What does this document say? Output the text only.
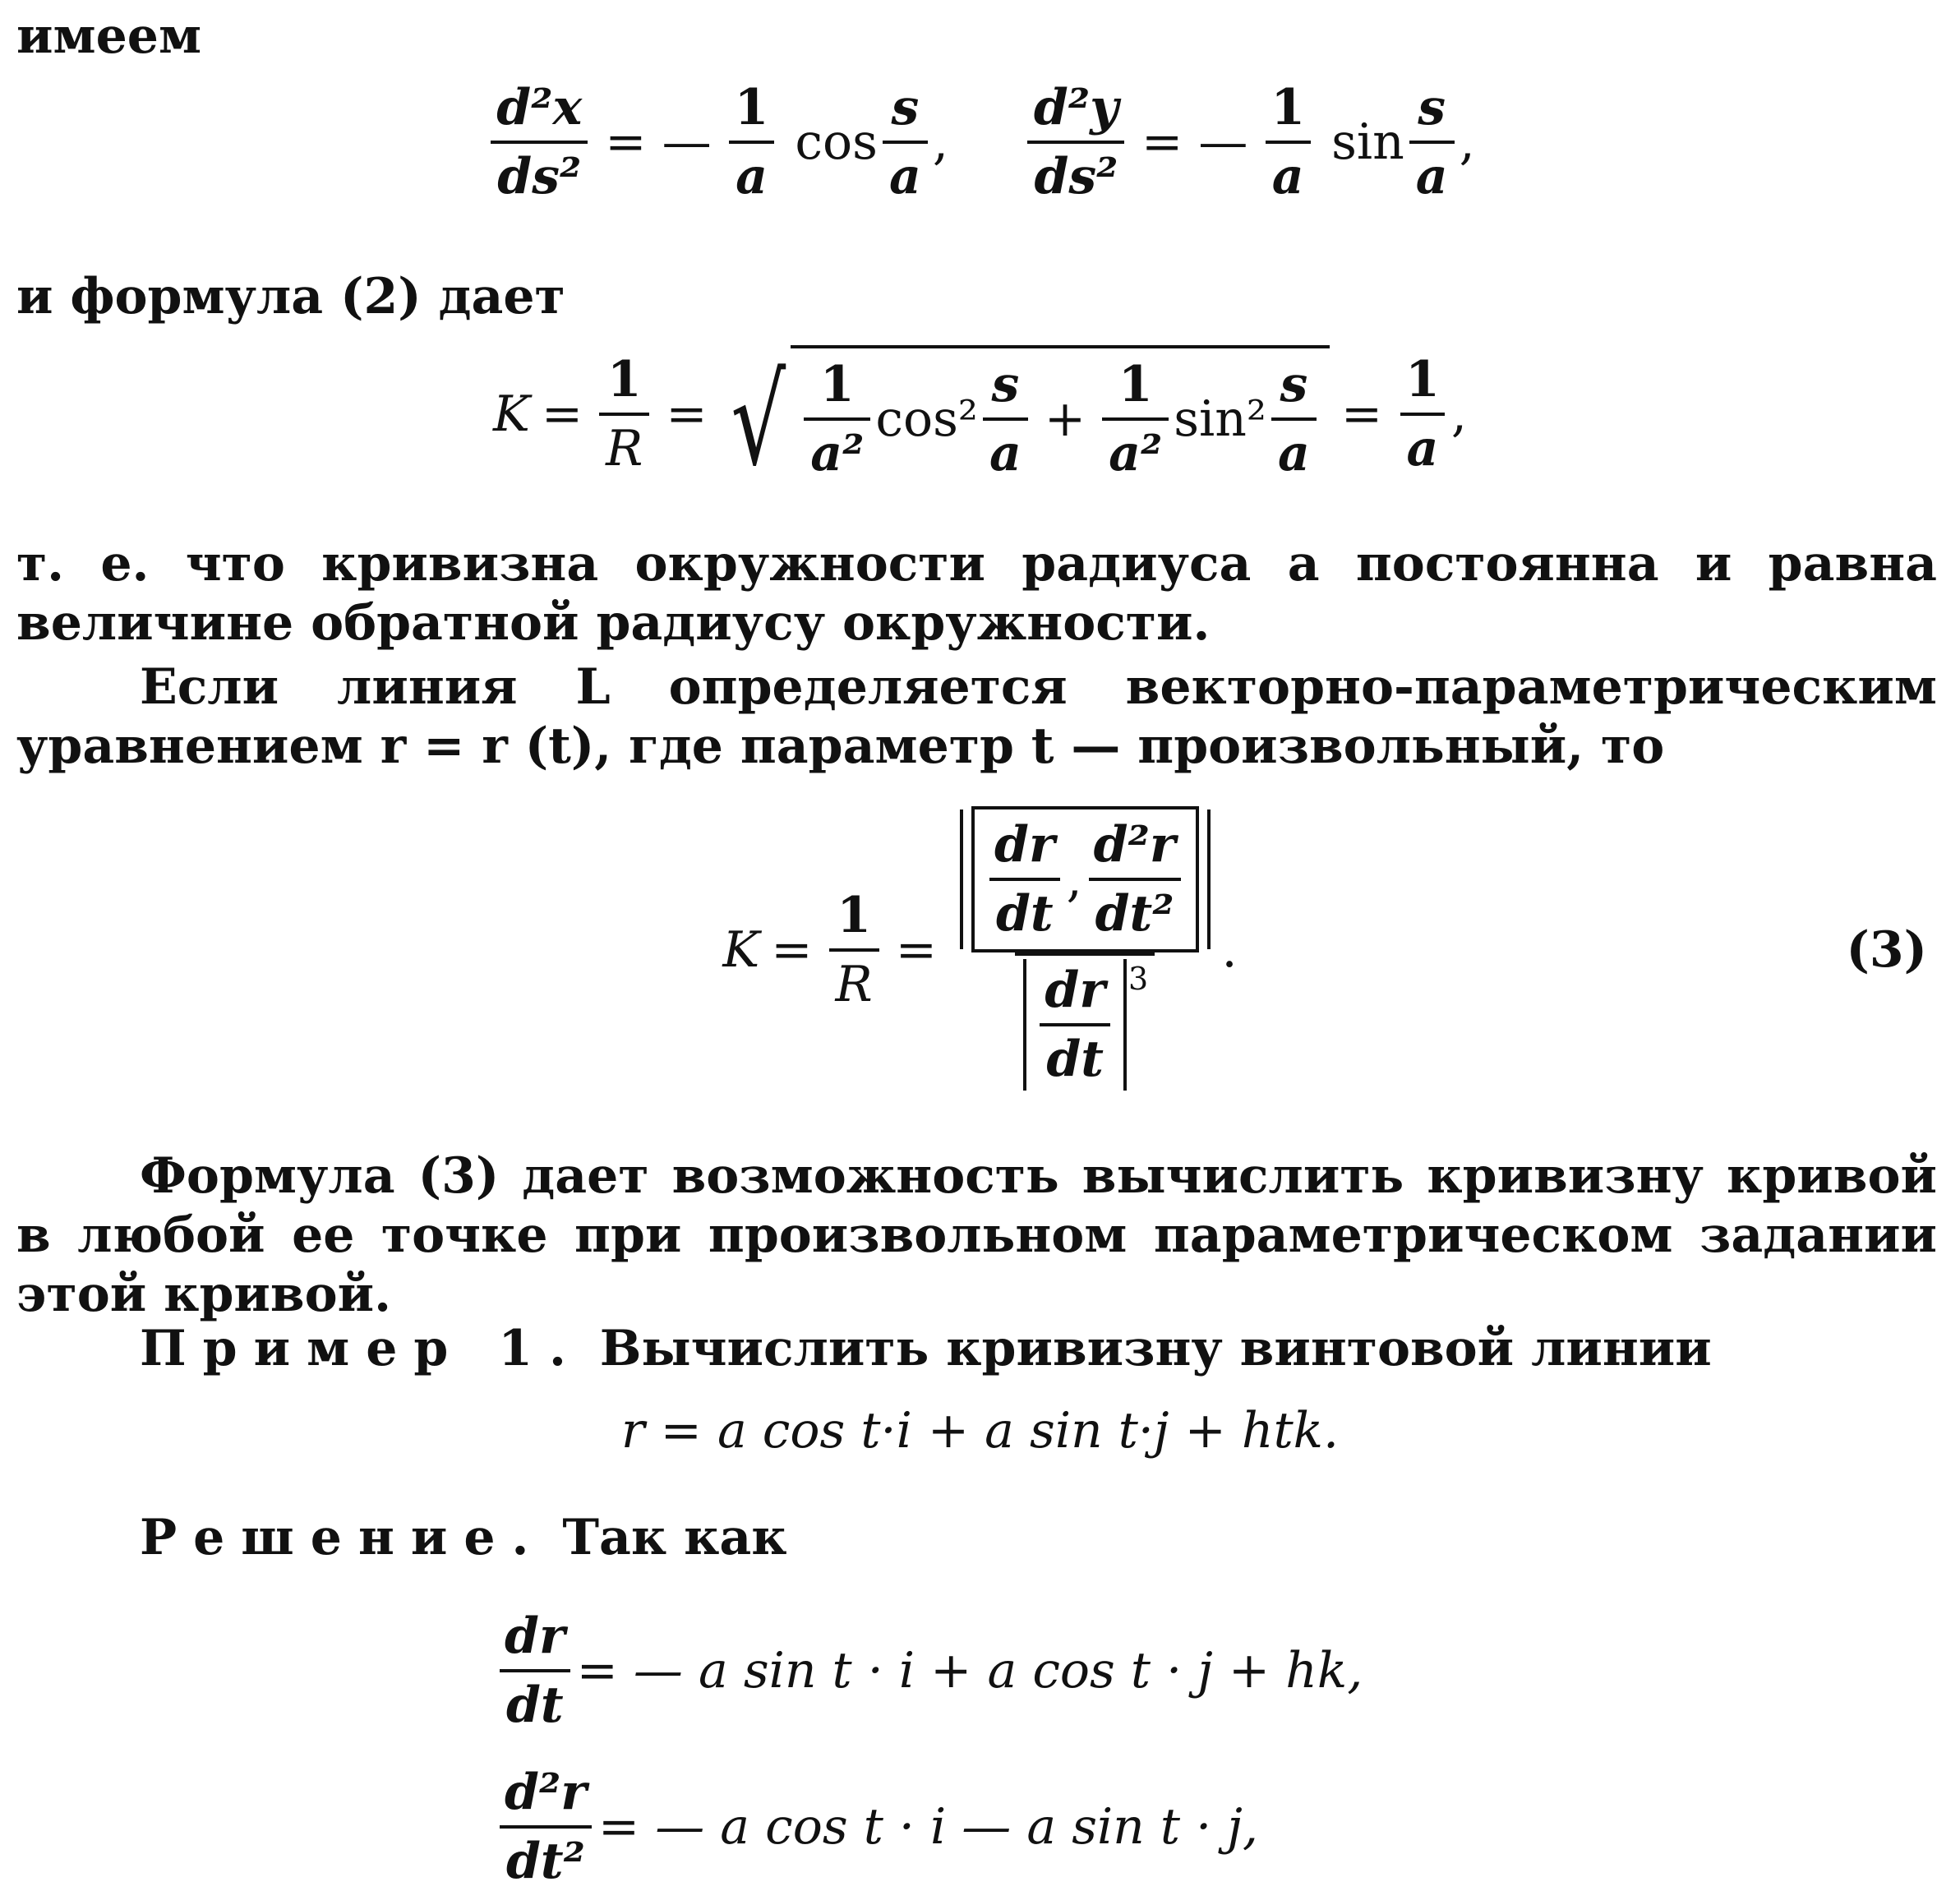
имеем

$\frac{\text{d²x}}{\text{ds²}}$ = — $\frac{1}{a}$ $\cos \frac{s}{a}$ , $\frac{\text{d²y}}{\text{ds²}}$ = — $\frac{1}{a}$ $\sin \frac{s}{a}$ ,

и формула (2) дает

$K = \frac{1}{R}$ = √ $\frac{1}{\text{a²}} \cos^2 \frac{s}{a} + \frac{1}{\text{a²}} \sin^2 \frac{s}{a} = \frac{1}{a}$ ,

т. е. что кривизна окружности радиуса a постоянна и равна величине обратной радиусу окружности.

Если линия L определяется векторно-параметрическим уравнением r = r (t), где параметр t — произвольный, то

$K = \frac{1}{R} = \frac{\frac{dr}{dt} , \frac{\text{d²r}}{\text{dt²}}}{\frac{dr}{dt} ^3}$ .	(3)

Формула (3) дает возможность вычислить кривизну кривой в любой ее точке при произвольном параметрическом задании этой кривой.

Пример 1. Вычислить кривизну винтовой линии

r = a cos t·i + a sin t·j + htk.

Решение. Так как

$\frac{dr}{dt}$ = — a sin t · i + a cos t · j + hk,
$\frac{\text{d²r}}{\text{dt²}}$ = — a cos t · i — a sin t · j,
